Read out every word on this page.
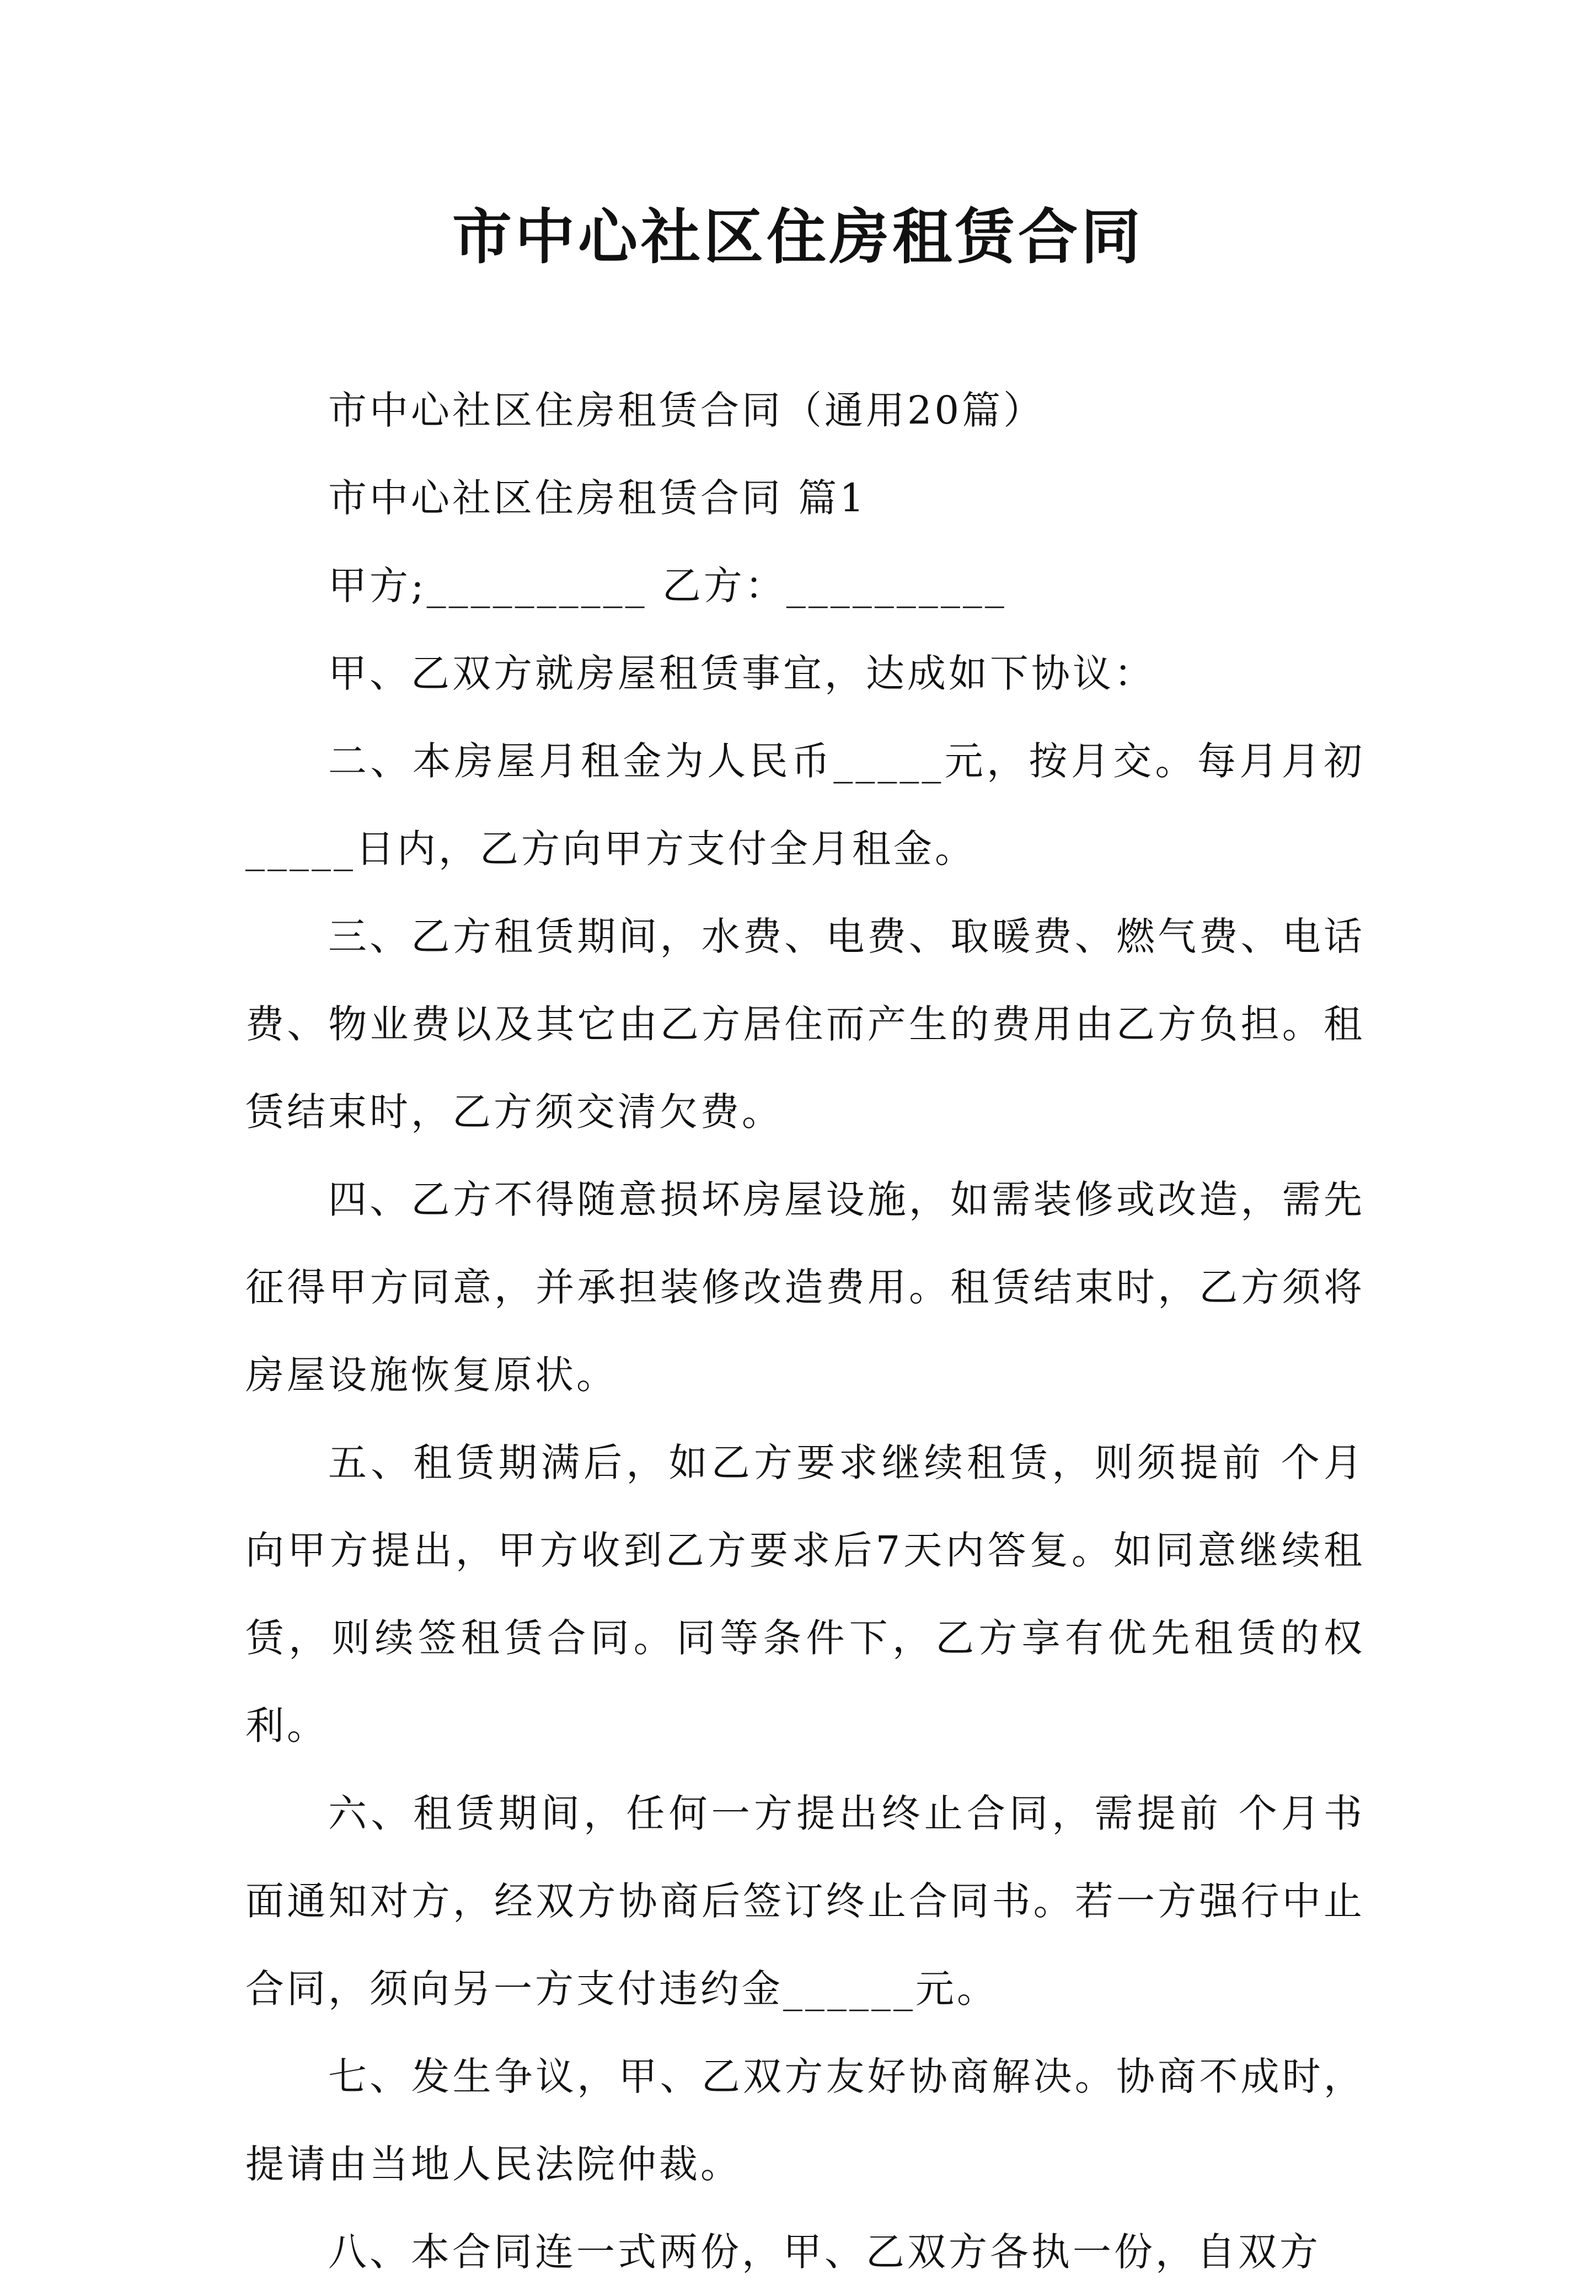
市中心社区住房租赁合同

市中心社区住房租赁合同（通用20篇）

市中心社区住房租赁合同 篇1

甲方;__________ 乙方：__________

甲、乙双方就房屋租赁事宜，达成如下协议：

二、本房屋月租金为人民币_____元，按月交。每月月初_____日内，乙方向甲方支付全月租金。

三、乙方租赁期间，水费、电费、取暖费、燃气费、电话费、物业费以及其它由乙方居住而产生的费用由乙方负担。租赁结束时，乙方须交清欠费。

四、乙方不得随意损坏房屋设施，如需装修或改造，需先征得甲方同意，并承担装修改造费用。租赁结束时，乙方须将房屋设施恢复原状。

五、租赁期满后，如乙方要求继续租赁，则须提前 个月向甲方提出，甲方收到乙方要求后7天内答复。如同意继续租赁，则续签租赁合同。同等条件下，乙方享有优先租赁的权利。

六、租赁期间，任何一方提出终止合同，需提前 个月书面通知对方，经双方协商后签订终止合同书。若一方强行中止合同，须向另一方支付违约金______元。

七、发生争议，甲、乙双方友好协商解决。协商不成时，提请由当地人民法院仲裁。

八、本合同连一式两份，甲、乙双方各执一份，自双方
